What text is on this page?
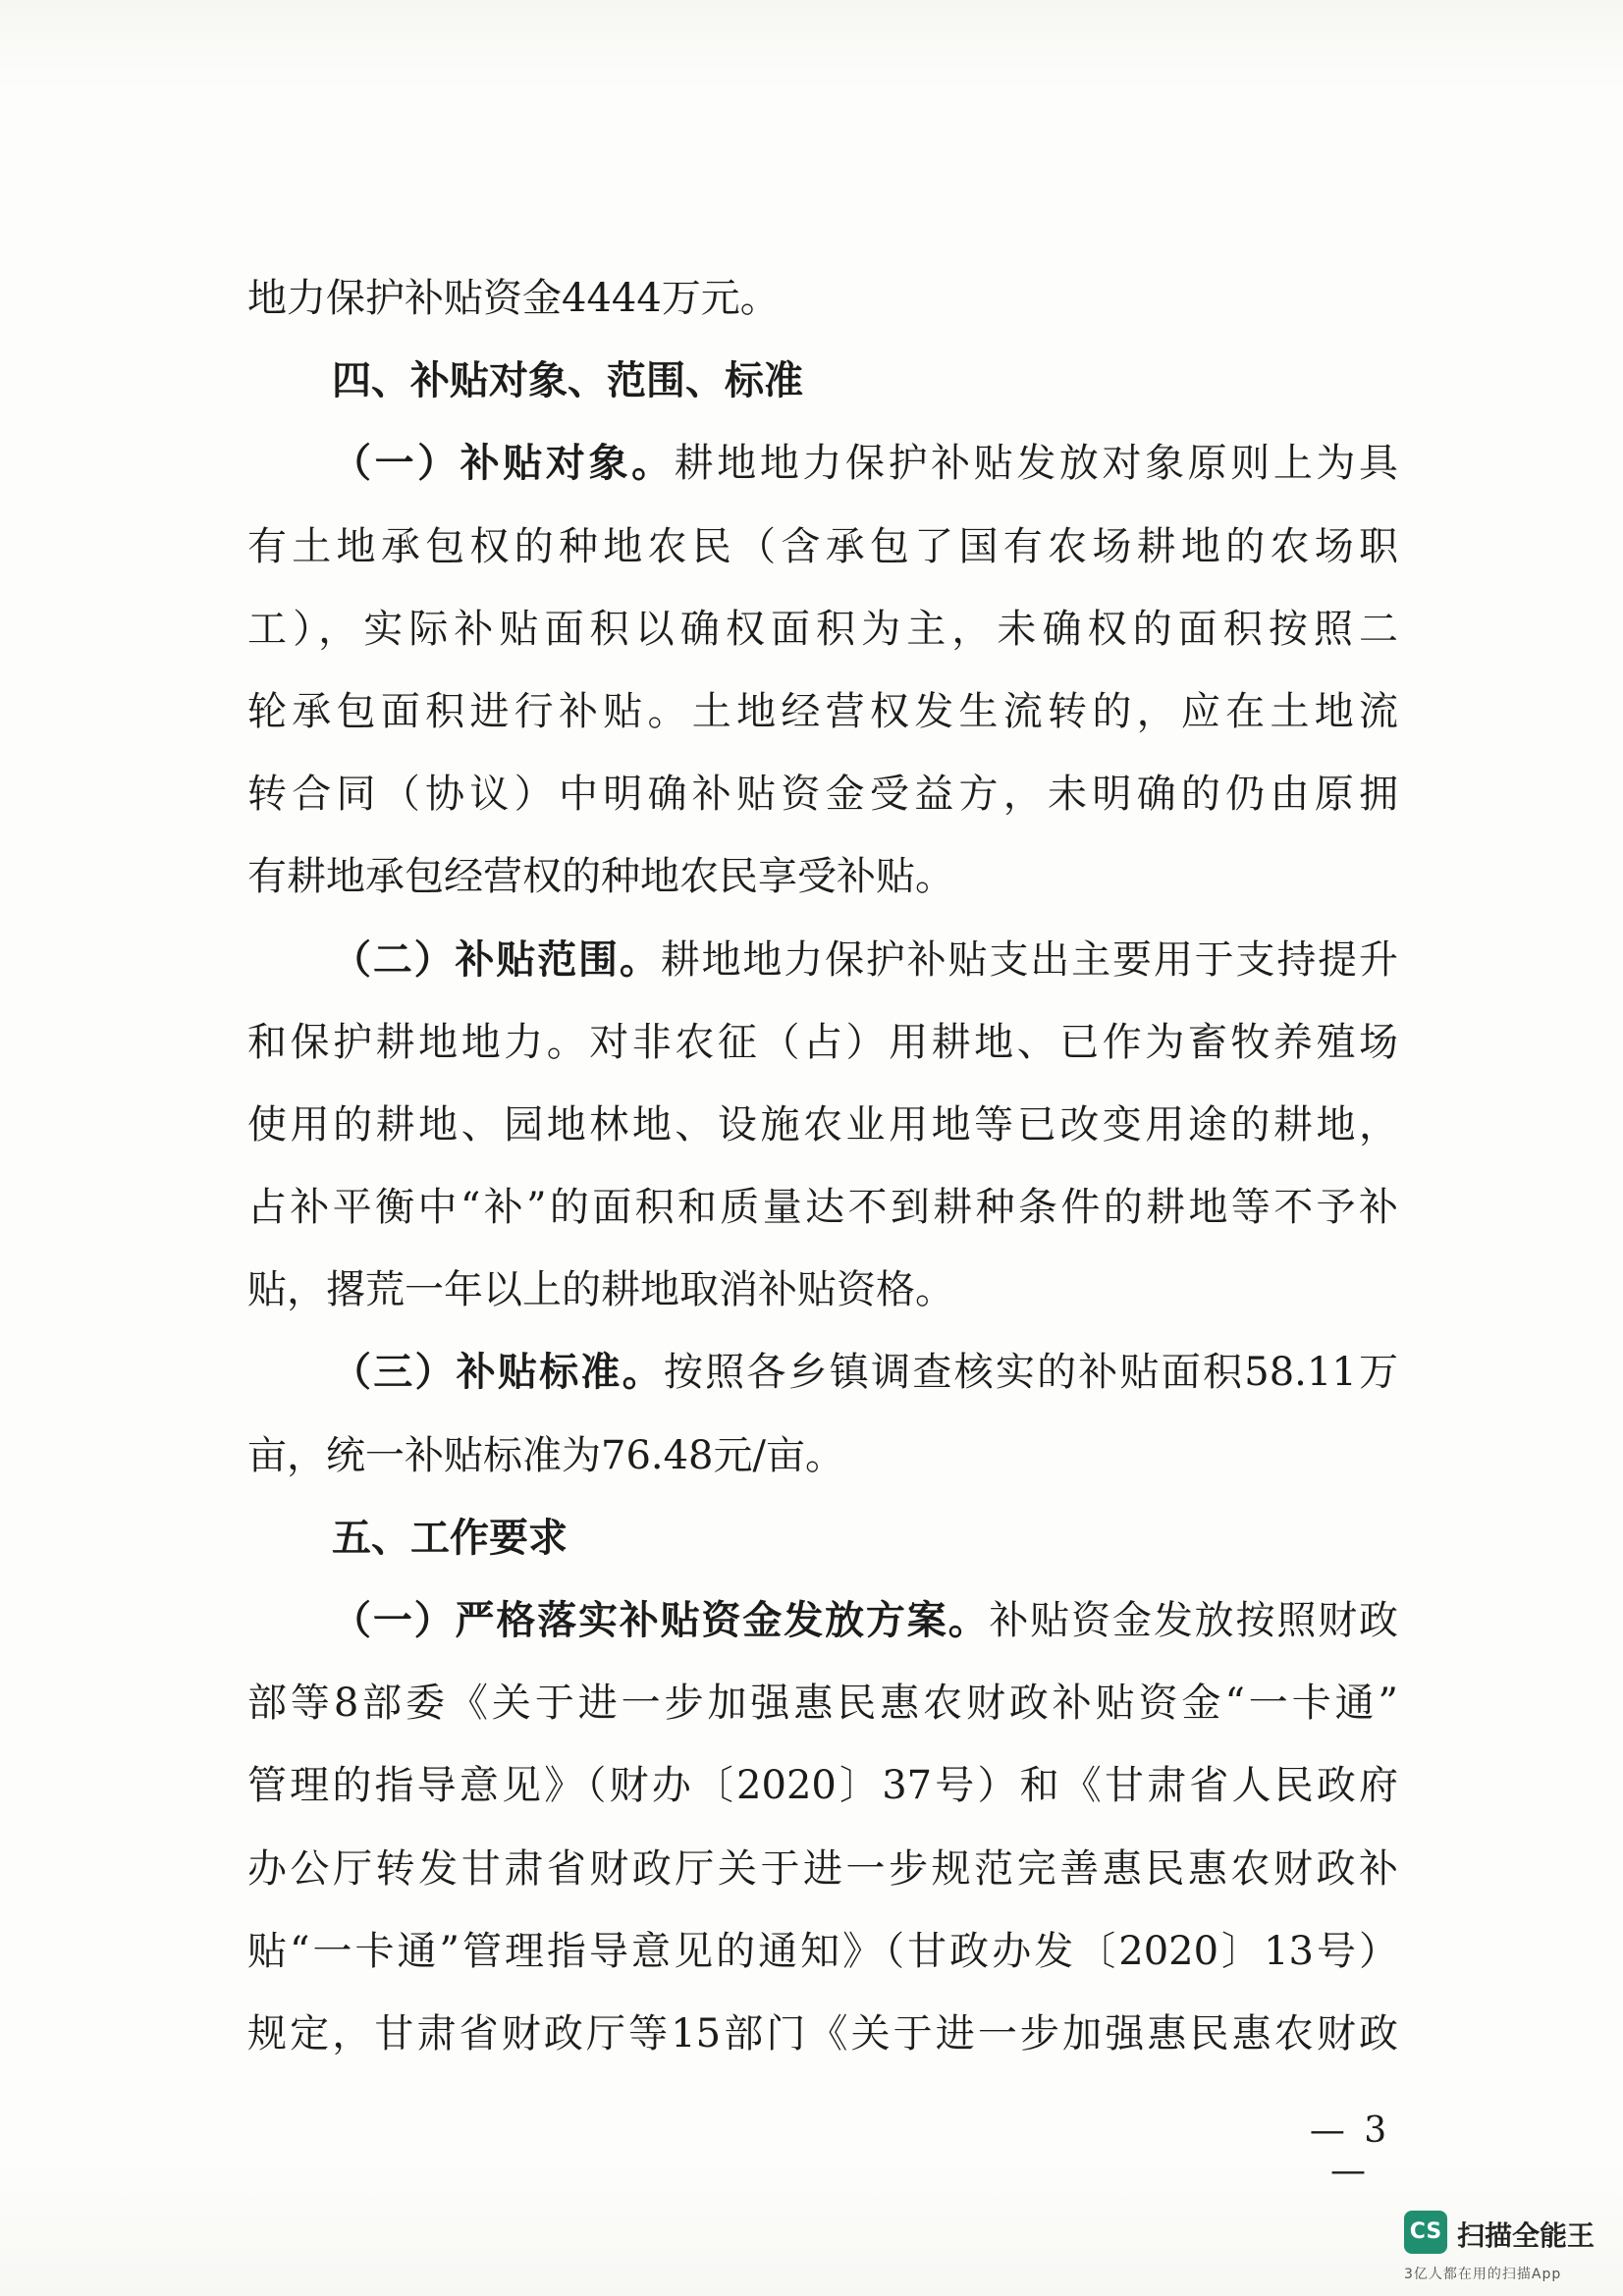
地力保护补贴资金4444万元。
四、补贴对象、范围、标准
（一）补贴对象。耕地地力保护补贴发放对象原则上为具
有土地承包权的种地农民（含承包了国有农场耕地的农场职
工），实际补贴面积以确权面积为主，未确权的面积按照二
轮承包面积进行补贴。土地经营权发生流转的，应在土地流
转合同（协议）中明确补贴资金受益方，未明确的仍由原拥
有耕地承包经营权的种地农民享受补贴。
（二）补贴范围。耕地地力保护补贴支出主要用于支持提升
和保护耕地地力。对非农征（占）用耕地、已作为畜牧养殖场
使用的耕地、园地林地、设施农业用地等已改变用途的耕地，
占补平衡中“补”的面积和质量达不到耕种条件的耕地等不予补
贴，撂荒一年以上的耕地取消补贴资格。
（三）补贴标准。按照各乡镇调查核实的补贴面积58.11万
亩，统一补贴标准为76.48元/亩。
五、工作要求
（一）严格落实补贴资金发放方案。补贴资金发放按照财政
部等8部委《关于进一步加强惠民惠农财政补贴资金“一卡通”
管理的指导意见》（财办〔2020〕37号）和《甘肃省人民政府
办公厅转发甘肃省财政厅关于进一步规范完善惠民惠农财政补
贴“一卡通”管理指导意见的通知》（甘政办发〔2020〕13号）
规定，甘肃省财政厅等15部门《关于进一步加强惠民惠农财政
— 3 —
CS 扫描全能王
3亿人都在用的扫描App
